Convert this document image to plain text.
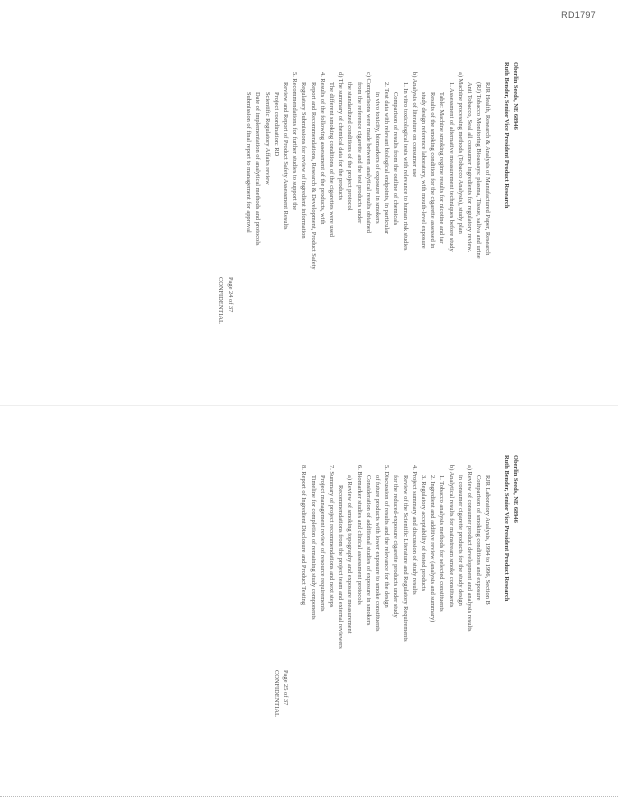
RD1797
Oberlin Seeds, NE 68946
Ruth Bender, Senior Vice President Product Research

RJR Health, Research & Analysis of Manufactured Paper, Research
(RJ) Tobacco Monitoring Bioassays: plasma, Tissue, saliva and urine
Anti Tobacco, Seal all consumer ingredients for regulatory review.
a) Machine processing methods (Tobacco Analysis), study plan
1. Assessment of alternative measurement techniques before study
Table: Machine smoking regime results for nicotine and tar
Results of the smoking condition for the cigarette assessed in
study design reference laboratory, with mouth-level exposure
b) Analysis of literature on consumer use
1. In vitro toxicological tests with relevance to human risk studies
Comparison of results from the outline of chemicals
2. Test data with relevant biological endpoints, in particular
in vivo toxicity, biomarkers of exposure in smokers
c) Comparisons were made between analytical results obtained
from the reference cigarette and the test products under
the standardized conditions of the project protocol
d) The summary of chemical data for the products
The different smoking conditions of the cigarettes were used
4. Results of the following assessment of the products, with
Report and Recommendations, Research & Development, Product Safety
Regulatory Submissions for review of ingredient information
5. Recommendations for further studies to support the
Review and Report of Product Safety Assessment Results
Project coordination: RD
Scientific Regulatory Affairs review
Date of implementation of analytical methods and protocols
Submission of final report to management for approval

Page 24 of 37
CONFIDENTIAL
Oberlin Seeds, NE 68946
Ruth Bender, Senior Vice President Product Research

RJR Laboratory Analysis, 1994 to 1996, Section B
Comparison of smoking conditions and exposure
a) Review of consumer product development and analysis results
in consumer cigarette products for the study design
b) Analytical results for mainstream smoke constituents
1. Tobacco analysis methods for selected constituents
2. Ingredient and additive review (analysis and summary)
3. Regulatory acceptability of tested products
4. Project summary and discussion of study results
Review of the Scientific Literature and Regulatory Requirements
for the reduced-exposure cigarette products under study
5. Discussion of results and the relevance for the design
of future products with lower exposure to smoke constituents
Consideration of additional studies of exposure in smokers
6. Biomarker studies and clinical assessment protocols
a) Review of smoking topography and exposure measurement
Recommendations from the project team and external reviewers
7. Summary of project recommendations and next steps
Project management review of resource requirements
Timeline for completion of remaining study components
8. Report of Ingredient Disclosure and Product Testing

Page 25 of 37
CONFIDENTIAL
